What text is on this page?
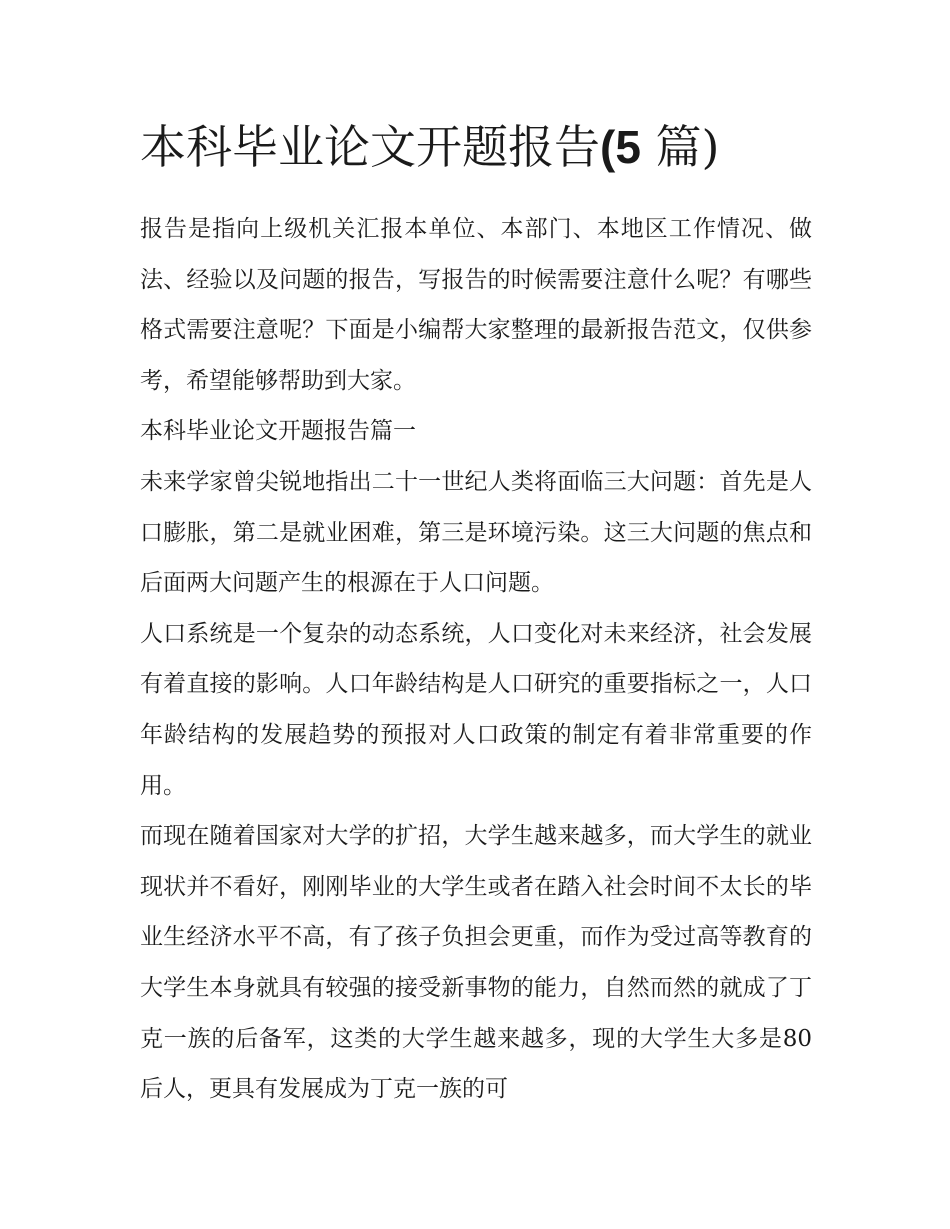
本科毕业论文开题报告(5 篇)

报告是指向上级机关汇报本单位、本部门、本地区工作情况、做法、经验以及问题的报告，写报告的时候需要注意什么呢？有哪些格式需要注意呢？下面是小编帮大家整理的最新报告范文，仅供参考，希望能够帮助到大家。

本科毕业论文开题报告篇一

未来学家曾尖锐地指出二十一世纪人类将面临三大问题：首先是人口膨胀，第二是就业困难，第三是环境污染。这三大问题的焦点和后面两大问题产生的根源在于人口问题。

人口系统是一个复杂的动态系统，人口变化对未来经济，社会发展有着直接的影响。人口年龄结构是人口研究的重要指标之一，人口年龄结构的发展趋势的预报对人口政策的制定有着非常重要的作用。

而现在随着国家对大学的扩招，大学生越来越多，而大学生的就业现状并不看好，刚刚毕业的大学生或者在踏入社会时间不太长的毕业生经济水平不高，有了孩子负担会更重，而作为受过高等教育的大学生本身就具有较强的接受新事物的能力，自然而然的就成了丁克一族的后备军，这类的大学生越来越多，现的大学生大多是80后人，更具有发展成为丁克一族的可
